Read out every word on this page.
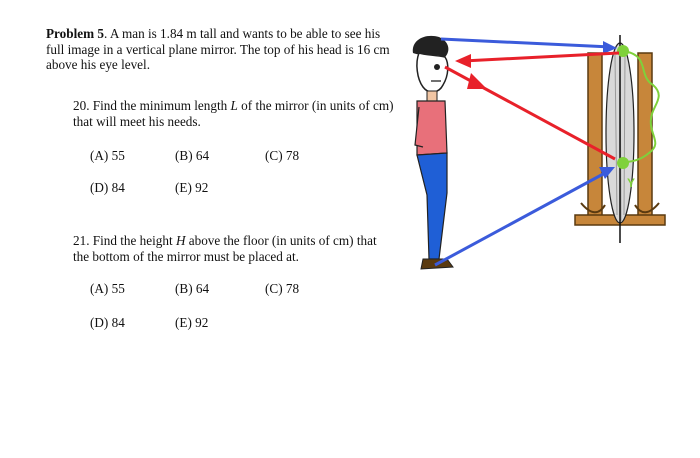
Problem 5. A man is 1.84 m tall and wants to be able to see his full image in a vertical plane mirror. The top of his head is 16 cm above his eye level.
20. Find the minimum length L of the mirror (in units of cm) that will meet his needs.
(A) 55	(B) 64	(C) 78
(D) 84	(E) 92
21. Find the height H above the floor (in units of cm) that the bottom of the mirror must be placed at.
(A) 55	(B) 64	(C) 78
(D) 84	(E) 92
Y
